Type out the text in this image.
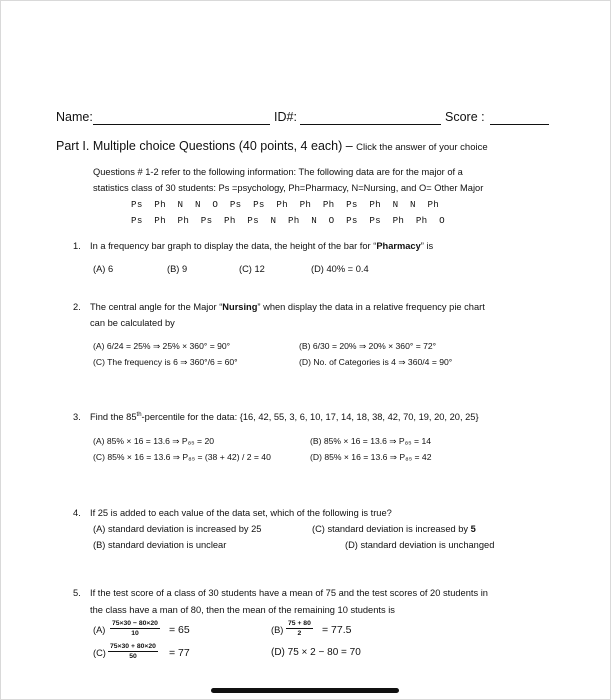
Name:	ID#:	Score :
Part I. Multiple choice Questions (40 points, 4 each) – Click the answer of your choice
Questions # 1-2 refer to the following information: The following data are for the major of a
statistics class of 30 students: Ps =psychology, Ph=Pharmacy, N=Nursing, and O= Other Major
Ps  Ph  N  N  O  Ps  Ps  Ph  Ph  Ph  Ps  Ph  N  N  Ph
Ps  Ph  Ph  Ps  Ph  Ps  N  Ph  N  O  Ps  Ps  Ph  Ph  O
1. In a frequency bar graph to display the data, the height of the bar for “Pharmacy” is
(A) 6	(B) 9	(C) 12	(D) 40% = 0.4
2. The central angle for the Major “Nursing” when display the data in a relative frequency pie chart
can be calculated by
(A) 6/24 = 25% ⇒ 25% × 360° = 90°	(B) 6/30 = 20% ⇒ 20% × 360° = 72°
(C) The frequency is 6 ⇒ 360°/6 = 60°	(D) No. of Categories is 4 ⇒ 360/4 = 90°
3. Find the 85th-percentile for the data: {16, 42, 55, 3, 6, 10, 17, 14, 18, 38, 42, 70, 19, 20, 20, 25}
(A) 85% × 16 = 13.6 ⇒ P₈₅ = 20	(B) 85% × 16 = 13.6 ⇒ P₈₅ = 14
(C) 85% × 16 = 13.6 ⇒ P₈₅ = (38 + 42) / 2 = 40	(D) 85% × 16 = 13.6 ⇒ P₈₅ = 42
4. If 25 is added to each value of the data set, which of the following is true?
(A) standard deviation is increased by 25	(C) standard deviation is increased by 5
(B) standard deviation is unclear	(D) standard deviation is unchanged
5. If the test score of a class of 30 students have a mean of 75 and the test scores of 20 students in
the class have a man of 80, then the mean of the remaining 10 students is
$(A) \frac{75\times 30 - 80\times 20}{10} = 65$	$(B) \frac{75 + 80}{2} = 77.5$
$(C) \frac{75\times 30 + 80\times 20}{50} = 77$	(D) 75 × 2 − 80 = 70
